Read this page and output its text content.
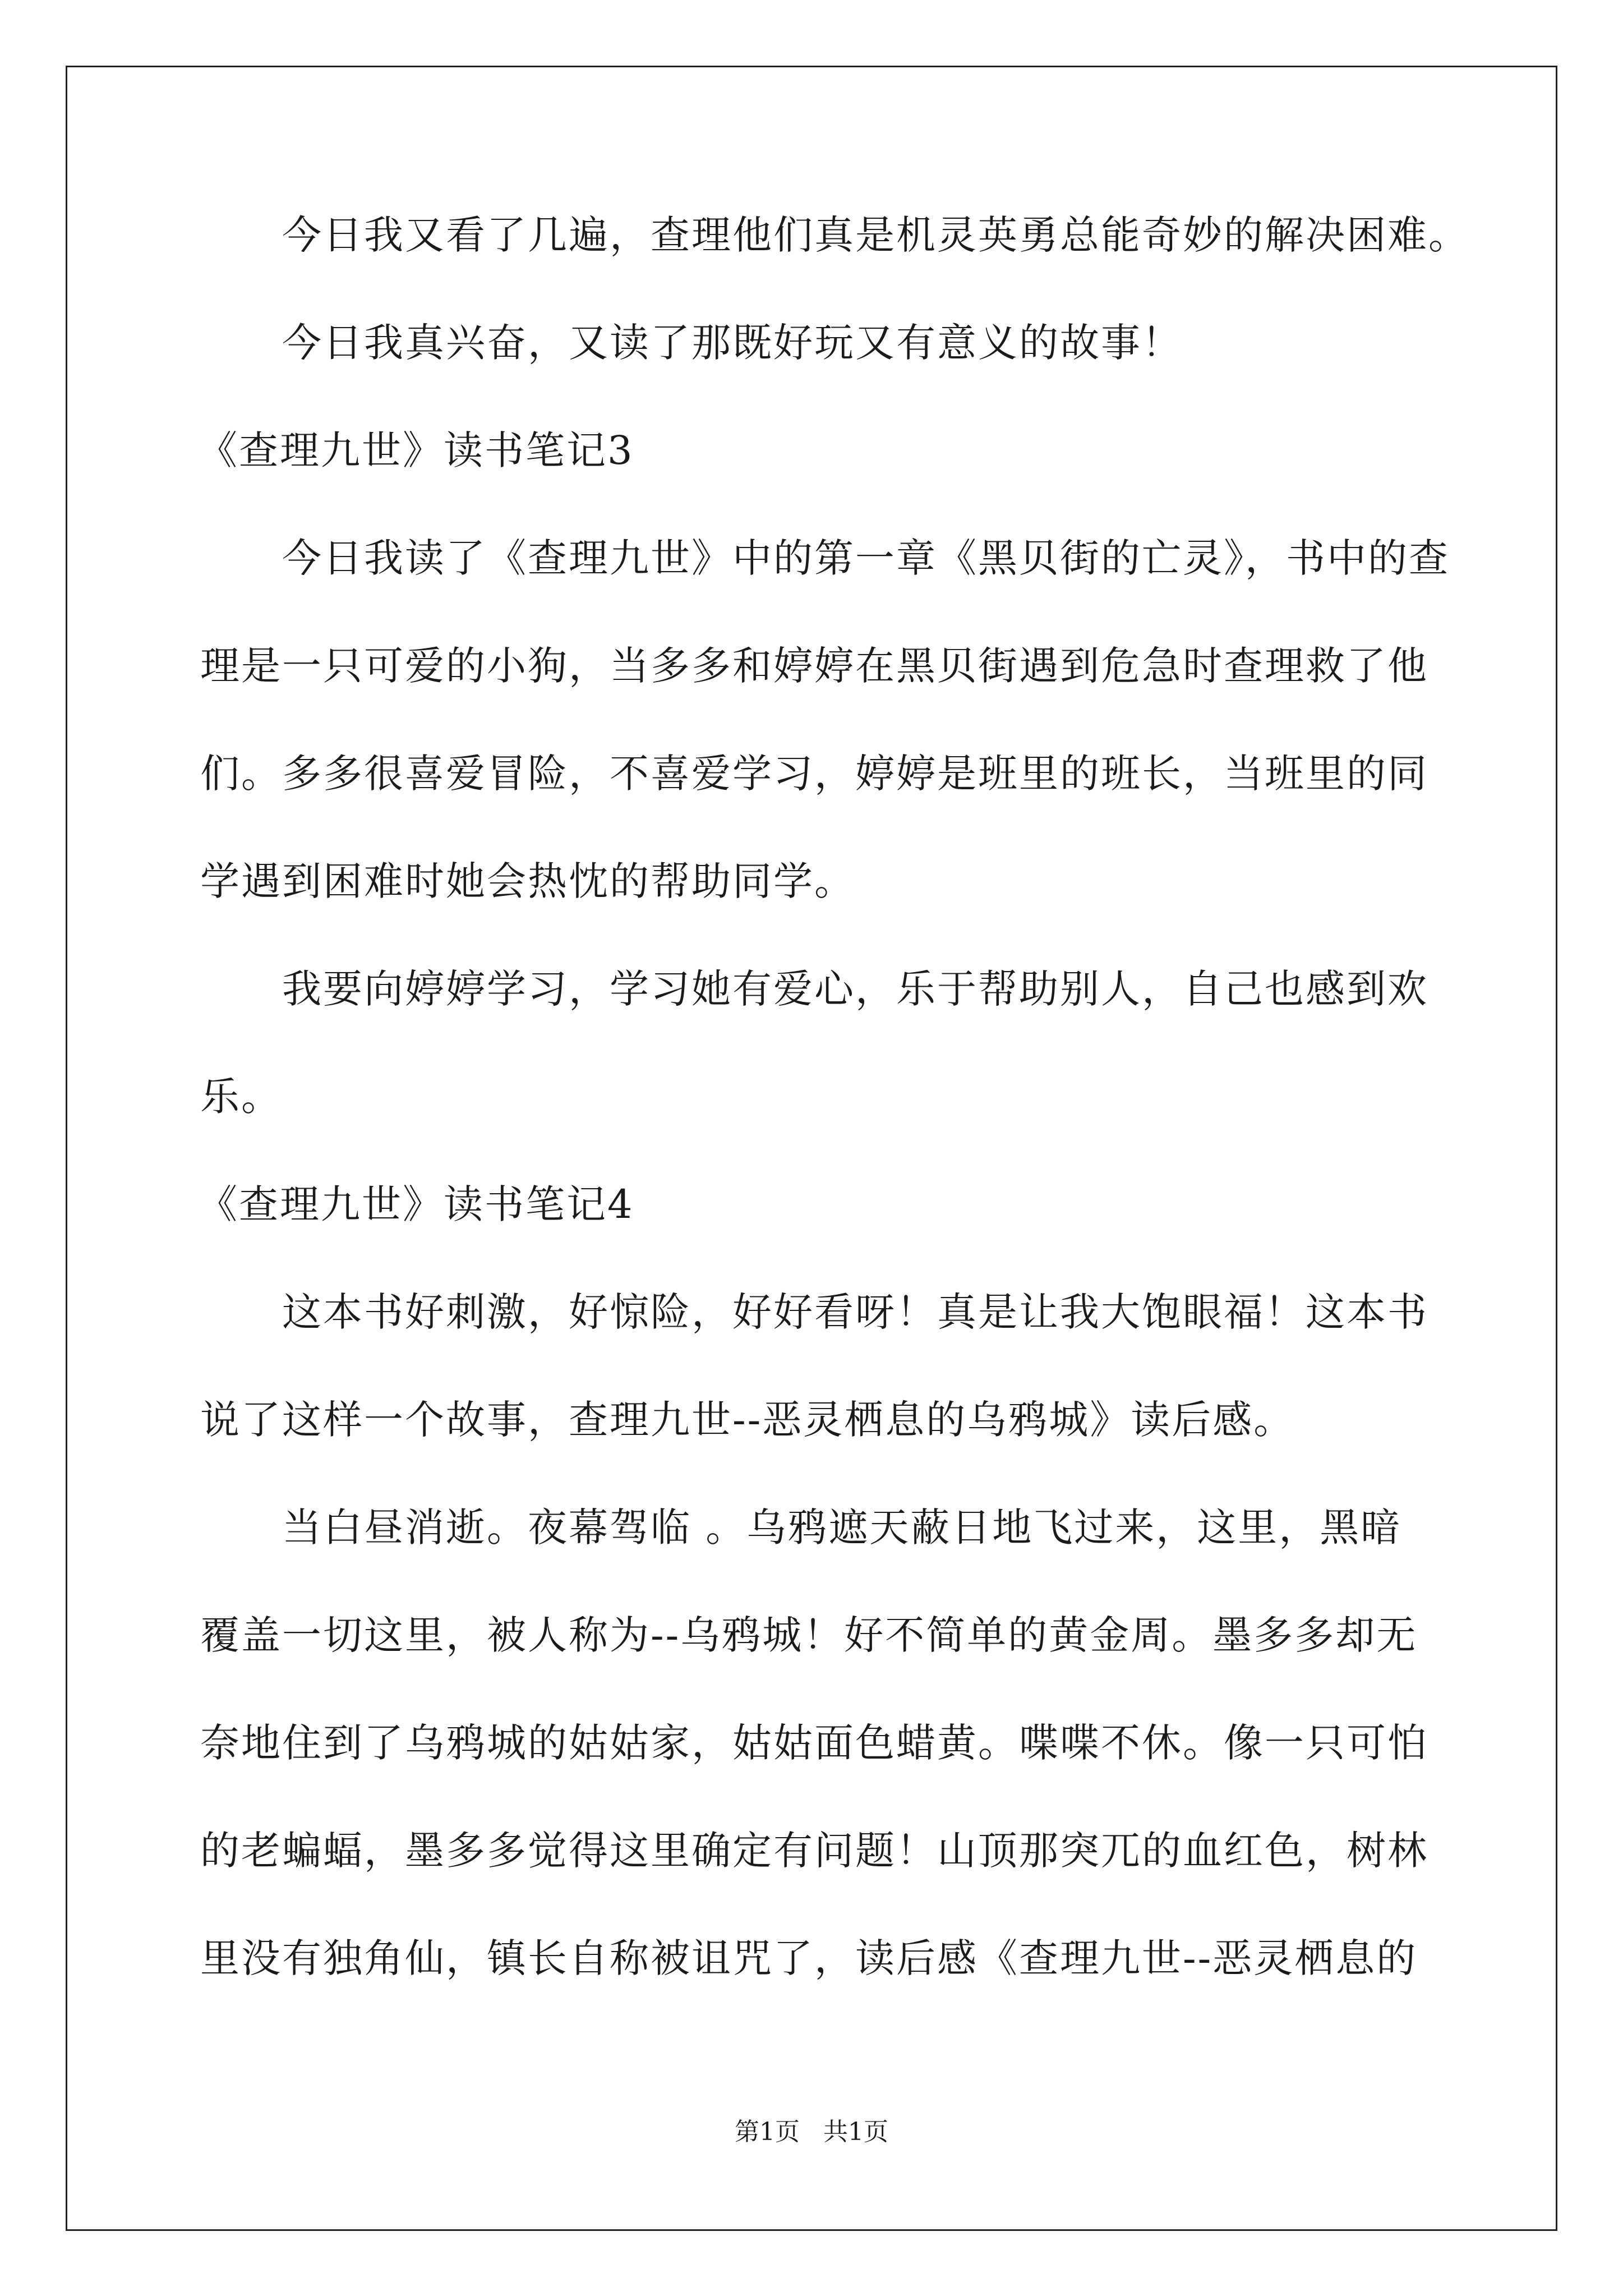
今日我又看了几遍，查理他们真是机灵英勇总能奇妙的解决困难。
今日我真兴奋，又读了那既好玩又有意义的故事！
《查理九世》读书笔记3
今日我读了《查理九世》中的第一章《黑贝街的亡灵》，书中的查
理是一只可爱的小狗，当多多和婷婷在黑贝街遇到危急时查理救了他
们。多多很喜爱冒险，不喜爱学习，婷婷是班里的班长，当班里的同
学遇到困难时她会热忱的帮助同学。
我要向婷婷学习，学习她有爱心，乐于帮助别人，自己也感到欢
乐。
《查理九世》读书笔记4
这本书好刺激，好惊险，好好看呀！真是让我大饱眼福！这本书
说了这样一个故事，查理九世--恶灵栖息的乌鸦城》读后感。
当白昼消逝。夜幕驾临 。乌鸦遮天蔽日地飞过来，这里，黑暗
覆盖一切这里，被人称为--乌鸦城！好不简单的黄金周。墨多多却无
奈地住到了乌鸦城的姑姑家，姑姑面色蜡黄。喋喋不休。像一只可怕
的老蝙蝠，墨多多觉得这里确定有问题！山顶那突兀的血红色，树林
里没有独角仙，镇长自称被诅咒了，读后感《查理九世--恶灵栖息的
第1页   共1页
